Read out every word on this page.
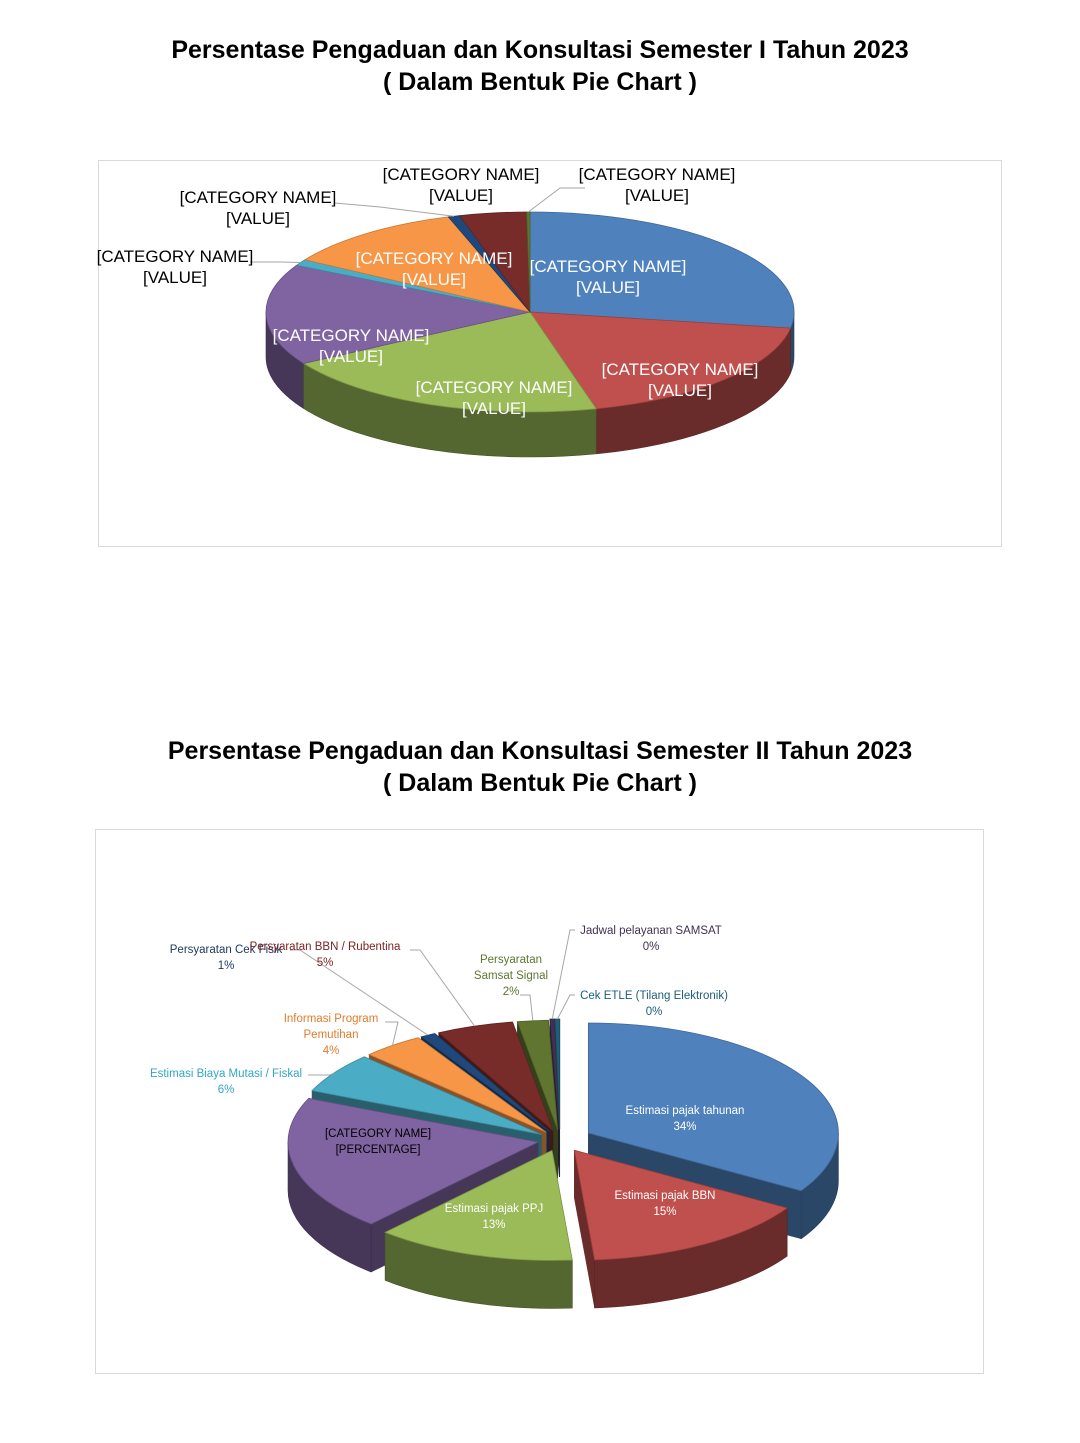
Persentase Pengaduan dan Konsultasi Semester I Tahun 2023
( Dalam Bentuk Pie Chart )
[CATEGORY NAME] [VALUE]
[CATEGORY NAME] [VALUE]
[CATEGORY NAME] [VALUE]
[CATEGORY NAME] [VALUE]
[CATEGORY NAME] [VALUE]
[CATEGORY NAME] [VALUE]
[CATEGORY NAME] [VALUE]
[CATEGORY NAME] [VALUE]
[CATEGORY NAME] [VALUE]
Persentase Pengaduan dan Konsultasi Semester II Tahun 2023
( Dalam Bentuk Pie Chart )
Estimasi pajak tahunan 34%
Estimasi pajak BBN 15%
Estimasi pajak PPJ 13%
[CATEGORY NAME] [PERCENTAGE]
Estimasi Biaya Mutasi / Fiskal 6%
Informasi Program Pemutihan 4%
Persyaratan Cek Fisik 1%
Persyaratan BBN / Rubentina 5%	Persyaratan Samsat Signal 2%
Jadwal pelayanan SAMSAT 0%
Cek ETLE (Tilang Elektronik) 0%
